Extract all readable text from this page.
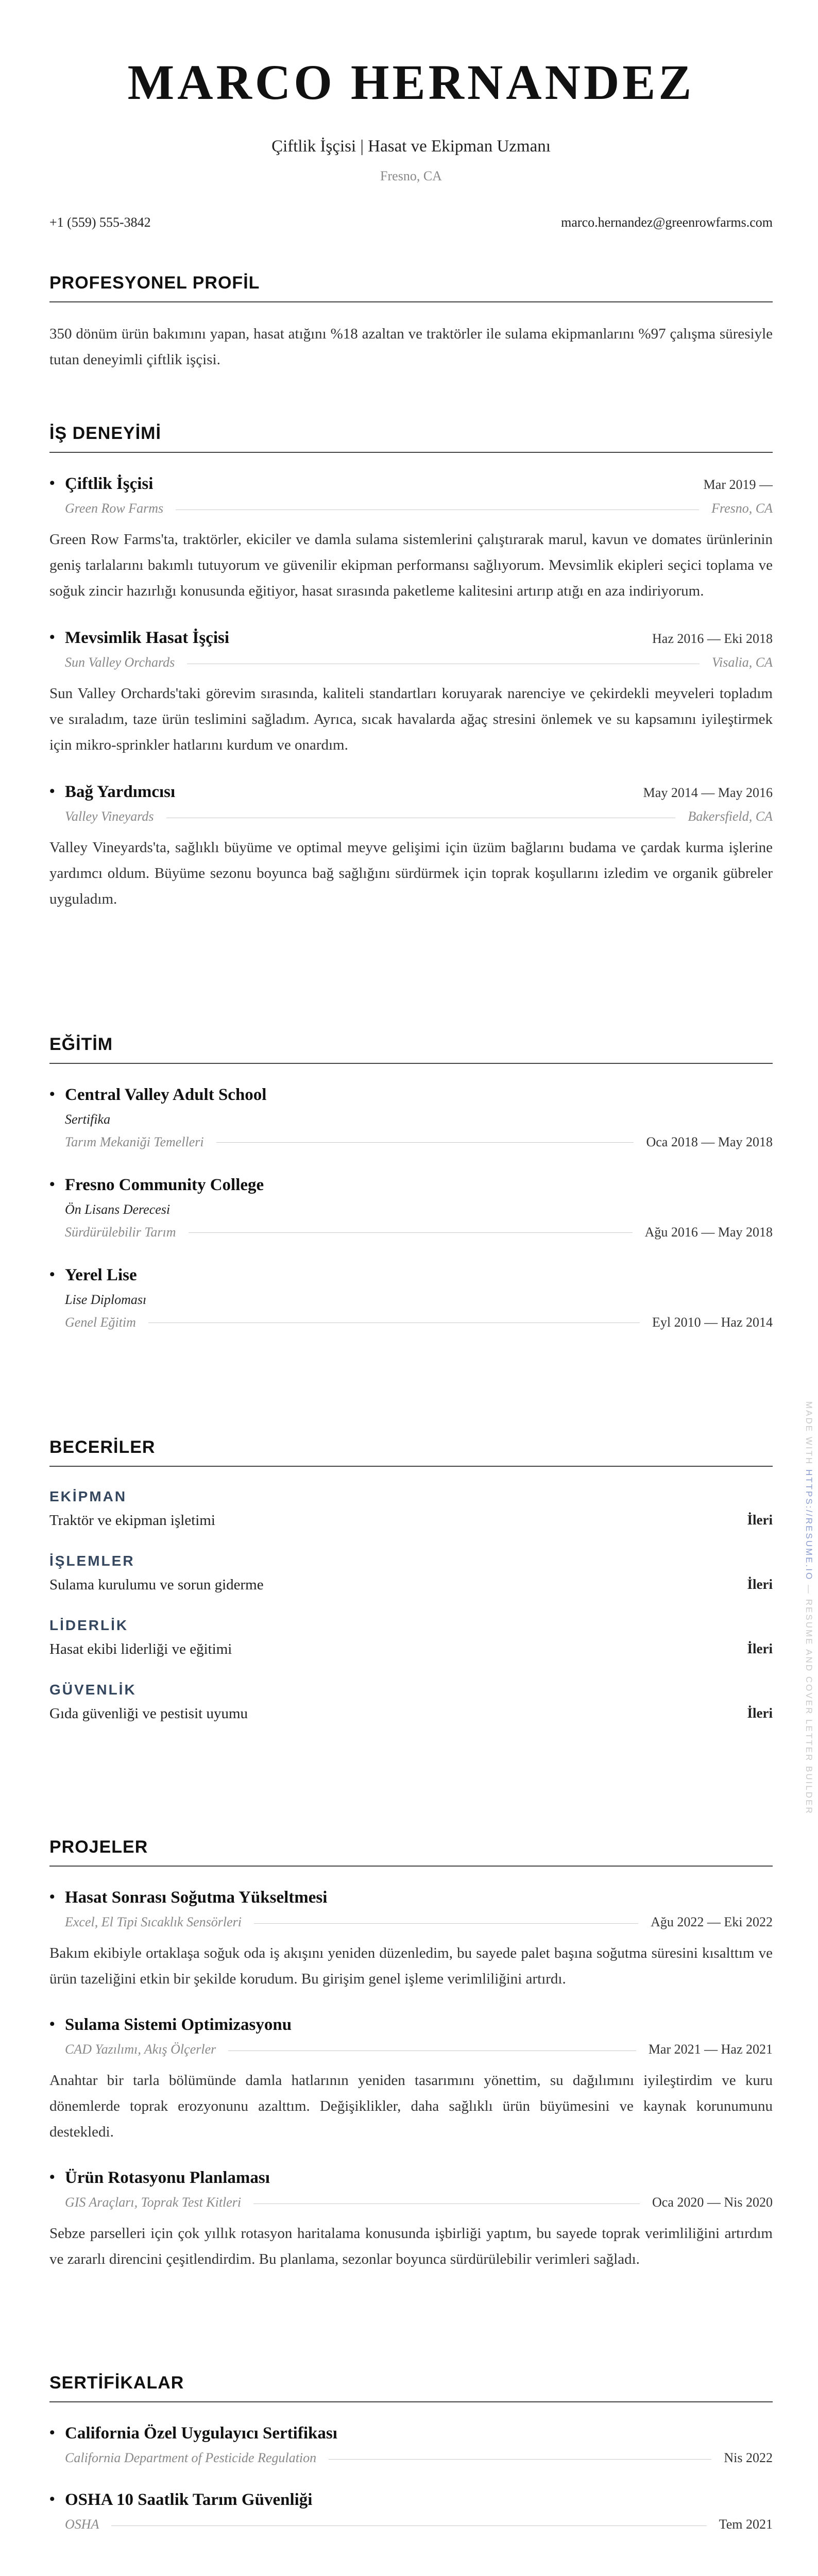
MARCO HERNANDEZ
Çiftlik İşçisi | Hasat ve Ekipman Uzmanı
Fresno, CA
+1 (559) 555-3842	marco.hernandez@greenrowfarms.com
PROFESYONEL PROFİL
350 dönüm ürün bakımını yapan, hasat atığını %18 azaltan ve traktörler ile sulama ekipmanlarını %97 çalışma süresiyle tutan deneyimli çiftlik işçisi.
İŞ DENEYİMİ
• Çiftlik İşçisi	Mar 2019 —
Green Row Farms	Fresno, CA
Green Row Farms'ta, traktörler, ekiciler ve damla sulama sistemlerini çalıştırarak marul, kavun ve domates ürünlerinin geniş tarlalarını bakımlı tutuyorum ve güvenilir ekipman performansı sağlıyorum. Mevsimlik ekipleri seçici toplama ve soğuk zincir hazırlığı konusunda eğitiyor, hasat sırasında paketleme kalitesini artırıp atığı en aza indiriyorum.
• Mevsimlik Hasat İşçisi	Haz 2016 — Eki 2018
Sun Valley Orchards	Visalia, CA
Sun Valley Orchards'taki görevim sırasında, kaliteli standartları koruyarak narenciye ve çekirdekli meyveleri topladım ve sıraladım, taze ürün teslimini sağladım. Ayrıca, sıcak havalarda ağaç stresini önlemek ve su kapsamını iyileştirmek için mikro-sprinkler hatlarını kurdum ve onardım.
• Bağ Yardımcısı	May 2014 — May 2016
Valley Vineyards	Bakersfield, CA
Valley Vineyards'ta, sağlıklı büyüme ve optimal meyve gelişimi için üzüm bağlarını budama ve çardak kurma işlerine yardımcı oldum. Büyüme sezonu boyunca bağ sağlığını sürdürmek için toprak koşullarını izledim ve organik gübreler uyguladım.
EĞİTİM
• Central Valley Adult School
Sertifika
Tarım Mekaniği Temelleri	Oca 2018 — May 2018
• Fresno Community College
Ön Lisans Derecesi
Sürdürülebilir Tarım	Ağu 2016 — May 2018
• Yerel Lise
Lise Diploması
Genel Eğitim	Eyl 2010 — Haz 2014
BECERİLER
EKİPMAN
Traktör ve ekipman işletimi	İleri
İŞLEMLER
Sulama kurulumu ve sorun giderme	İleri
LİDERLİK
Hasat ekibi liderliği ve eğitimi	İleri
GÜVENLİK
Gıda güvenliği ve pestisit uyumu	İleri
PROJELER
• Hasat Sonrası Soğutma Yükseltmesi
Excel, El Tipi Sıcaklık Sensörleri	Ağu 2022 — Eki 2022
Bakım ekibiyle ortaklaşa soğuk oda iş akışını yeniden düzenledim, bu sayede palet başına soğutma süresini kısalttım ve ürün tazeliğini etkin bir şekilde korudum. Bu girişim genel işleme verimliliğini artırdı.
• Sulama Sistemi Optimizasyonu
CAD Yazılımı, Akış Ölçerler	Mar 2021 — Haz 2021
Anahtar bir tarla bölümünde damla hatlarının yeniden tasarımını yönettim, su dağılımını iyileştirdim ve kuru dönemlerde toprak erozyonunu azalttım. Değişiklikler, daha sağlıklı ürün büyümesini ve kaynak korunumunu destekledi.
• Ürün Rotasyonu Planlaması
GIS Araçları, Toprak Test Kitleri	Oca 2020 — Nis 2020
Sebze parselleri için çok yıllık rotasyon haritalama konusunda işbirliği yaptım, bu sayede toprak verimliliğini artırdım ve zararlı direncini çeşitlendirdim. Bu planlama, sezonlar boyunca sürdürülebilir verimleri sağladı.
SERTİFİKALAR
• California Özel Uygulayıcı Sertifikası
California Department of Pesticide Regulation	Nis 2022
• OSHA 10 Saatlik Tarım Güvenliği
OSHA	Tem 2021

MADE WITH HTTPS://RESUME.IO — RESUME AND COVER LETTER BUILDER
